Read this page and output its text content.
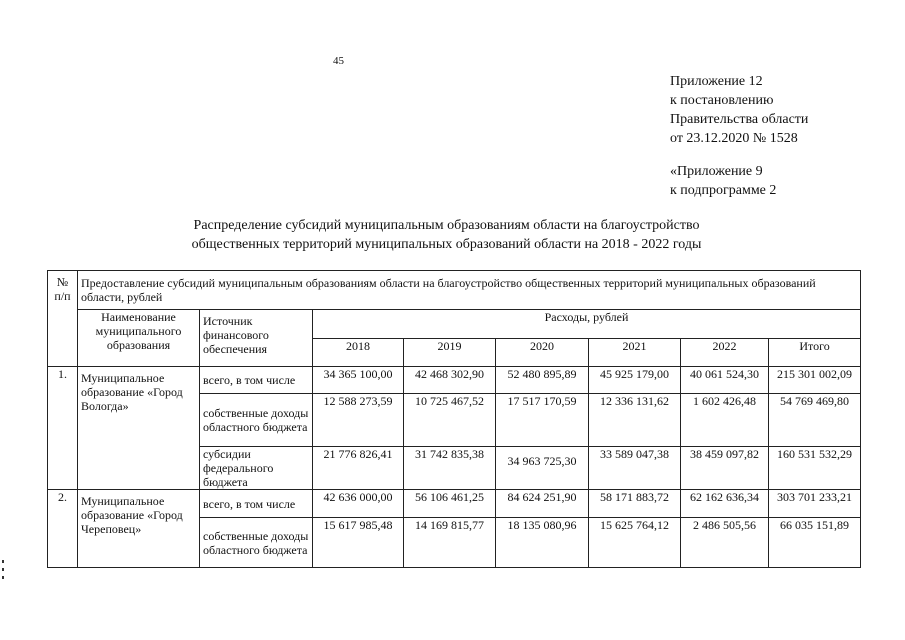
45
Приложение 12
к постановлению
Правительства области
от 23.12.2020 № 1528
«Приложение 9
к подпрограмме 2
Распределение субсидий муниципальным образованиям области на благоустройство
общественных территорий муниципальных образований области на 2018 - 2022 годы
№ п/п	Предоставление субсидий муниципальным образованиям области на благоустройство общественных территорий муниципальных образований области, рублей							
	Наименование муниципального образования	Источник финансового обеспечения	Расходы, рублей					
			2018	2019	2020	2021	2022	Итого
1.	Муниципальное образование «Город Вологда»	всего, в том числе	34 365 100,00	42 468 302,90	52 480 895,89	45 925 179,00	40 061 524,30	215 301 002,09
		собственные доходы областного бюджета	12 588 273,59	10 725 467,52	17 517 170,59	12 336 131,62	1 602 426,48	54 769 469,80
		субсидии федерального бюджета	21 776 826,41	31 742 835,38	34 963 725,30	33 589 047,38	38 459 097,82	160 531 532,29
2.	Муниципальное образование «Город Череповец»	всего, в том числе	42 636 000,00	56 106 461,25	84 624 251,90	58 171 883,72	62 162 636,34	303 701 233,21
		собственные доходы областного бюджета	15 617 985,48	14 169 815,77	18 135 080,96	15 625 764,12	2 486 505,56	66 035 151,89
